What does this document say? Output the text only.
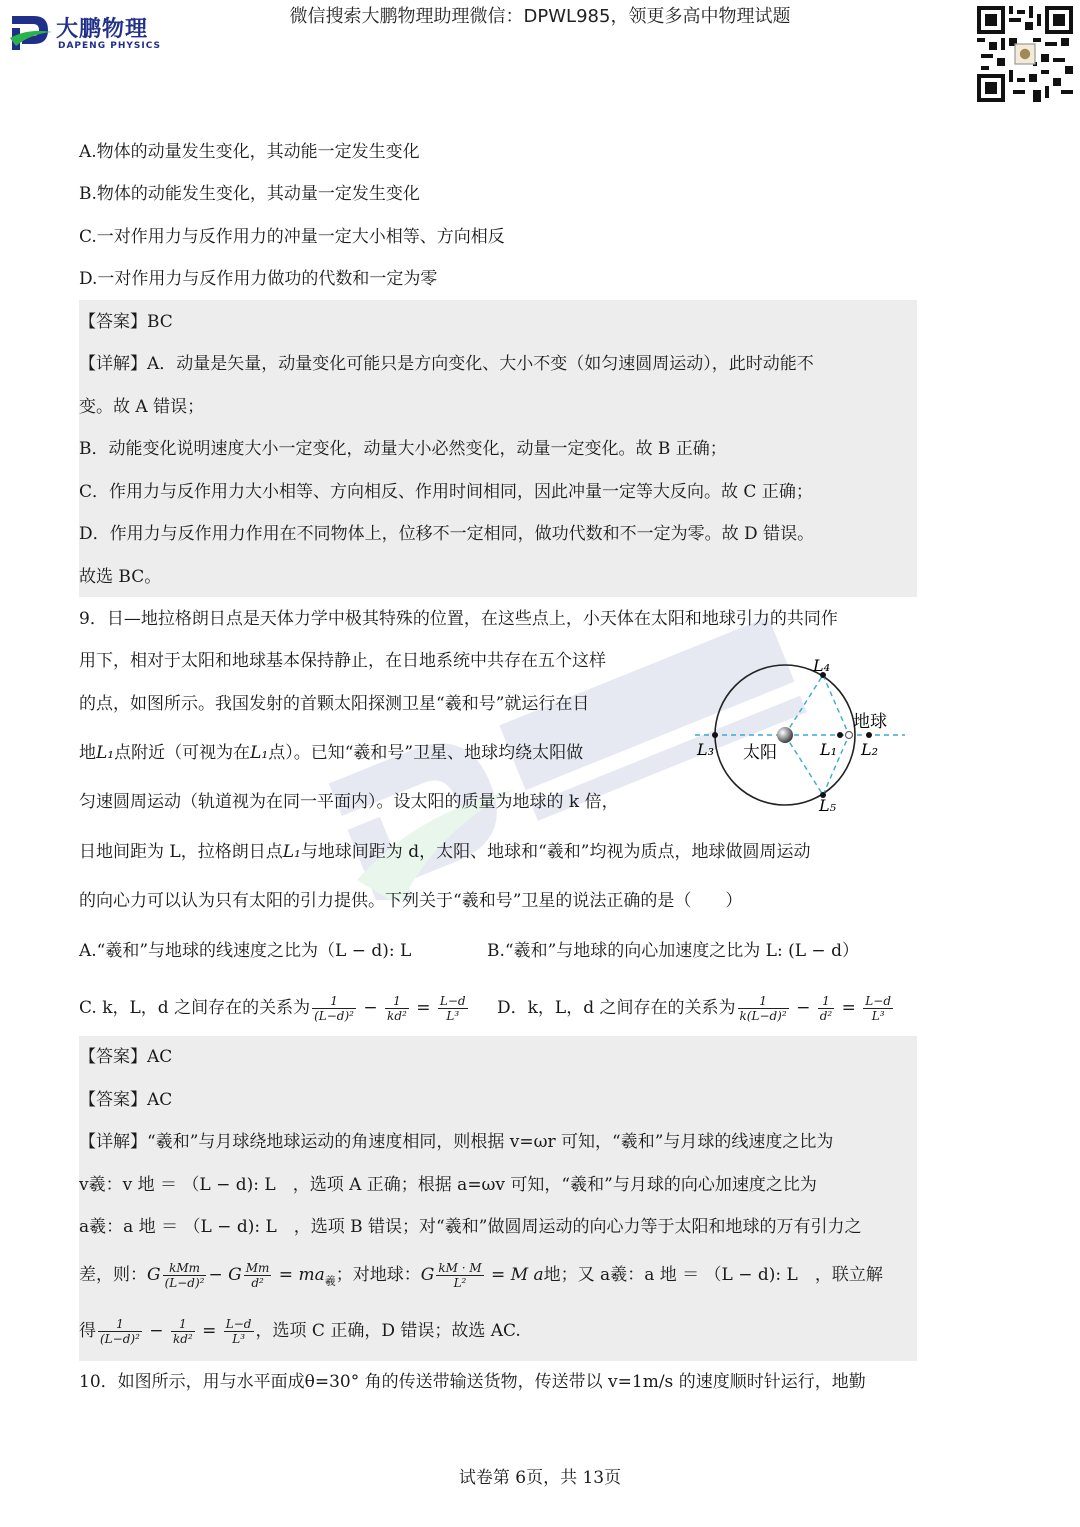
大鹏物理
DAPENG PHYSICS
微信搜索大鹏物理助理微信：DPWL985，领更多高中物理试题
A.物体的动量发生变化，其动能一定发生变化
B.物体的动能发生变化，其动量一定发生变化
C.一对作用力与反作用力的冲量一定大小相等、方向相反
D.一对作用力与反作用力做功的代数和一定为零
【答案】BC
【详解】A．动量是矢量，动量变化可能只是方向变化、大小不变（如匀速圆周运动），此时动能不
变。故 A 错误；
B．动能变化说明速度大小一定变化，动量大小必然变化，动量一定变化。故 B 正确；
C．作用力与反作用力大小相等、方向相反、作用时间相同，因此冲量一定等大反向。故 C 正确；
D．作用力与反作用力作用在不同物体上，位移不一定相同，做功代数和不一定为零。故 D 错误。
故选 BC。
9．日—地拉格朗日点是天体力学中极其特殊的位置，在这些点上，小天体在太阳和地球引力的共同作
用下，相对于太阳和地球基本保持静止，在日地系统中共存在五个这样
的点，如图所示。我国发射的首颗太阳探测卫星“羲和号”就运行在日
地L₁点附近（可视为在L₁点）。已知“羲和号”卫星、地球均绕太阳做
匀速圆周运动（轨道视为在同一平面内）。设太阳的质量为地球的 k 倍，
日地间距为 L，拉格朗日点L₁与地球间距为 d，太阳、地球和“羲和”均视为质点，地球做圆周运动
的向心力可以认为只有太阳的引力提供。下列关于“羲和号”卫星的说法正确的是（　　）
太阳
地球
L₃	L₁ L₂
L₄
L₅
A.“羲和”与地球的线速度之比为（L − d): L	B.“羲和”与地球的向心加速度之比为 L: (L − d）
C. k，L，d 之间存在的关系为 $\frac{1}{\text{(L−d)²}} - \frac{1}{\text{kd²}} = \frac{L-d}{\text{L³}}$ D．k，L，d 之间存在的关系为 $\frac{1}{\text{k(L−d)²}} - \frac{1}{\text{d²}} = \frac{L-d}{\text{L³}}$
【答案】AC
【答案】AC
【详解】“羲和”与月球绕地球运动的角速度相同，则根据 v=ωr 可知，“羲和”与月球的线速度之比为
v羲：v 地 ＝ （L − d): L　，选项 A 正确；根据 a=ωv 可知，“羲和”与月球的向心加速度之比为
a羲：a 地 ＝ （L − d): L　，选项 B 错误；对“羲和”做圆周运动的向心力等于太阳和地球的万有引力之
差，则：G $\frac{\text{kMm}}{\text{(L−d)²}} - G \frac{Mm}{\text{d²}} = ma_羲$；对地球：G $\frac{kM \cdot M}{\text{L²}} = M$ a地；又 a羲：a 地 ＝ （L − d): L　，联立解
得 $\frac{1}{\text{(L−d)²}} - \frac{1}{\text{kd²}} = \frac{L-d}{\text{L³}}$ ，选项 C 正确，D 错误；故选 AC.
10．如图所示，用与水平面成θ=30° 角的传送带输送货物，传送带以 v=1m/s 的速度顺时针运行，地勤
试卷第 6页，共 13页
